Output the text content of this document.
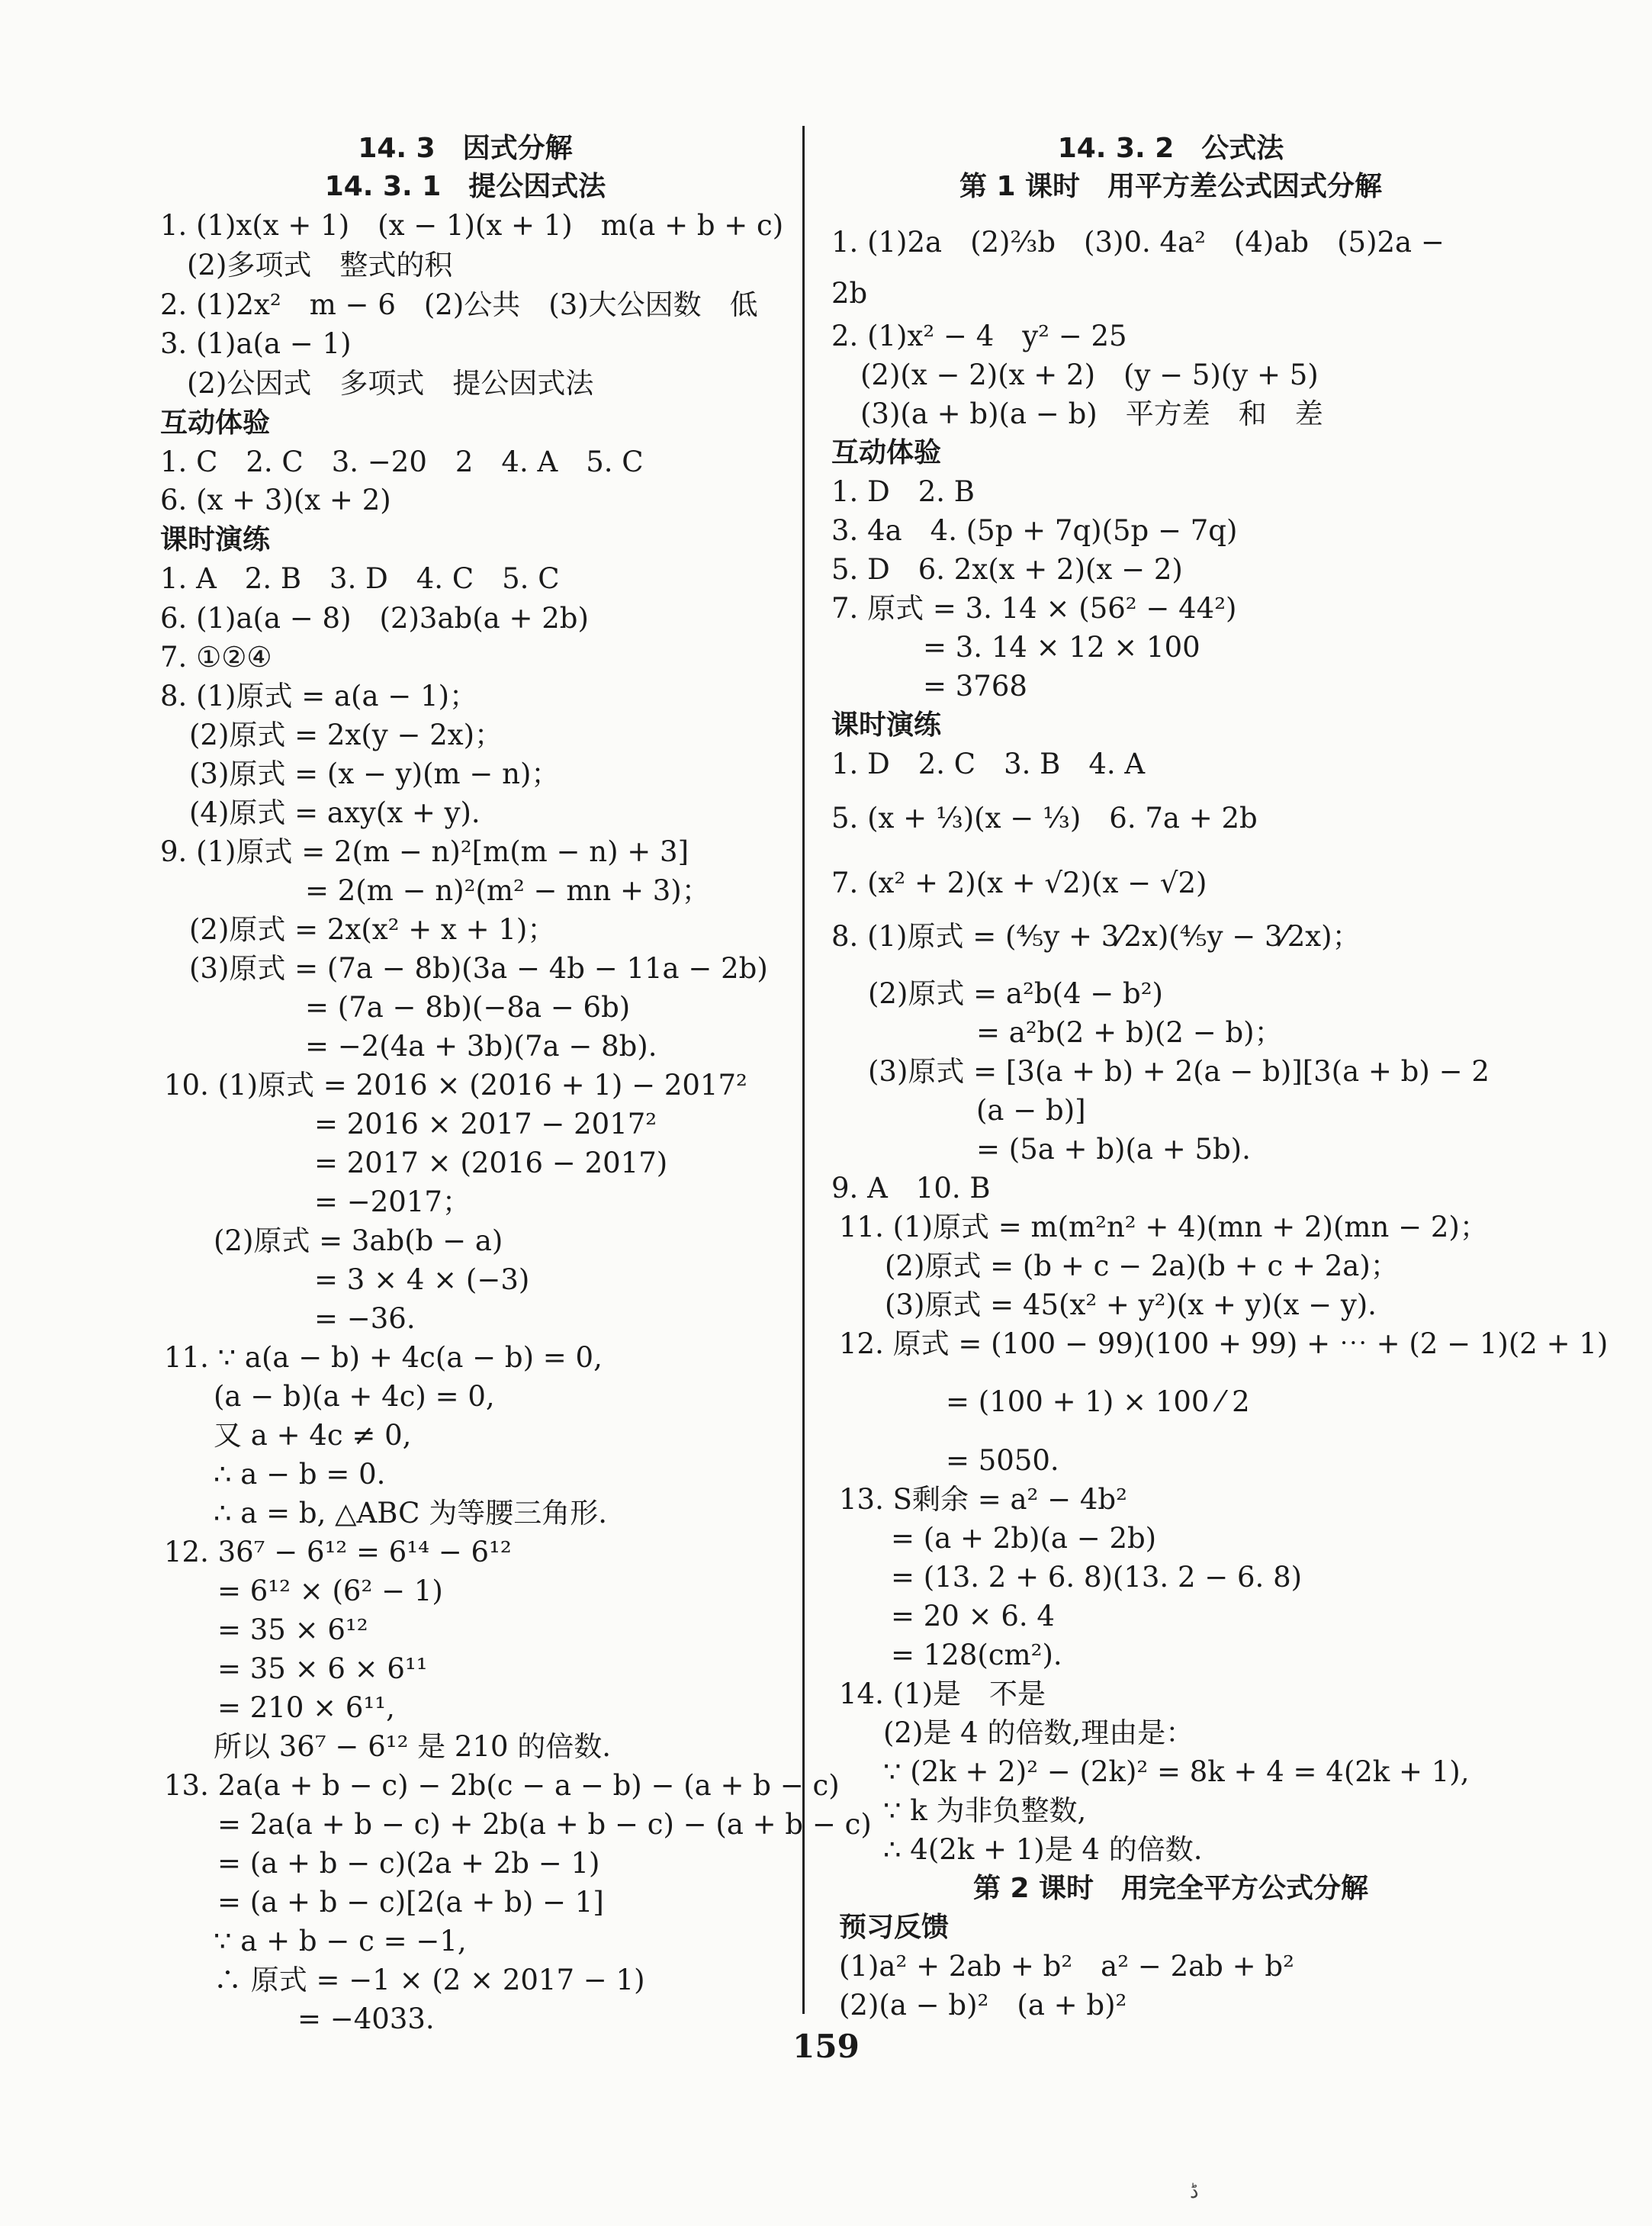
14. 3　因式分解
14. 3. 1　提公因式法
1. (1)x(x + 1)　(x − 1)(x + 1)　m(a + b + c)
(2)多项式　整式的积
2. (1)2x²　m − 6　(2)公共　(3)大公因数　低
3. (1)a(a − 1)
(2)公因式　多项式　提公因式法
互动体验
1. C　2. C　3. −20　2　4. A　5. C
6. (x + 3)(x + 2)
课时演练
1. A　2. B　3. D　4. C　5. C
6. (1)a(a − 8)　(2)3ab(a + 2b)
7. ①②④
8. (1)原式 = a(a − 1)；
(2)原式 = 2x(y − 2x)；
(3)原式 = (x − y)(m − n)；
(4)原式 = axy(x + y).
9. (1)原式 = 2(m − n)²[m(m − n) + 3]
= 2(m − n)²(m² − mn + 3)；
(2)原式 = 2x(x² + x + 1)；
(3)原式 = (7a − 8b)(3a − 4b − 11a − 2b)
= (7a − 8b)(−8a − 6b)
= −2(4a + 3b)(7a − 8b).
10. (1)原式 = 2016 × (2016 + 1) − 2017²
= 2016 × 2017 − 2017²
= 2017 × (2016 − 2017)
= −2017；
(2)原式 = 3ab(b − a)
= 3 × 4 × (−3)
= −36.
11. ∵ a(a − b) + 4c(a − b) = 0,
(a − b)(a + 4c) = 0,
又 a + 4c ≠ 0,
∴ a − b = 0.
∴ a = b, △ABC 为等腰三角形.
12. 36⁷ − 6¹² = 6¹⁴ − 6¹²
= 6¹² × (6² − 1)
= 35 × 6¹²
= 35 × 6 × 6¹¹
= 210 × 6¹¹,
所以 36⁷ − 6¹² 是 210 的倍数.
13. 2a(a + b − c) − 2b(c − a − b) − (a + b − c)
= 2a(a + b − c) + 2b(a + b − c) − (a + b − c)
= (a + b − c)(2a + 2b − 1)
= (a + b − c)[2(a + b) − 1]
∵ a + b − c = −1,
∴ 原式 = −1 × (2 × 2017 − 1)
= −4033.
14. 3. 2　公式法
第 1 课时　用平方差公式因式分解
1. (1)2a　(2)⅔b　(3)0. 4a²　(4)ab　(5)2a −
2b
2. (1)x² − 4　y² − 25
(2)(x − 2)(x + 2)　(y − 5)(y + 5)
(3)(a + b)(a − b)　平方差　和　差
互动体验
1. D　2. B
3. 4a　4. (5p + 7q)(5p − 7q)
5. D　6. 2x(x + 2)(x − 2)
7. 原式 = 3. 14 × (56² − 44²)
= 3. 14 × 12 × 100
= 3768
课时演练
1. D　2. C　3. B　4. A
5. (x + ⅓)(x − ⅓)　6. 7a + 2b
7. (x² + 2)(x + √2)(x − √2)
8. (1)原式 = (⅘y + 3⁄2x)(⅘y − 3⁄2x)；
(2)原式 = a²b(4 − b²)
= a²b(2 + b)(2 − b)；
(3)原式 = [3(a + b) + 2(a − b)][3(a + b) − 2
(a − b)]
= (5a + b)(a + 5b).
9. A　10. B
11. (1)原式 = m(m²n² + 4)(mn + 2)(mn − 2)；
(2)原式 = (b + c − 2a)(b + c + 2a)；
(3)原式 = 45(x² + y²)(x + y)(x − y).
12. 原式 = (100 − 99)(100 + 99) + ⋯ + (2 − 1)(2 + 1)
= (100 + 1) × 100 ⁄ 2
= 5050.
13. S剩余 = a² − 4b²
= (a + 2b)(a − 2b)
= (13. 2 + 6. 8)(13. 2 − 6. 8)
= 20 × 6. 4
= 128(cm²).
14. (1)是　不是
(2)是 4 的倍数,理由是：
∵ (2k + 2)² − (2k)² = 8k + 4 = 4(2k + 1),
∵ k 为非负整数,
∴ 4(2k + 1)是 4 的倍数.
第 2 课时　用完全平方公式分解
预习反馈
(1)a² + 2ab + b²　a² − 2ab + b²
(2)(a − b)²　(a + b)²
159
ڈ
